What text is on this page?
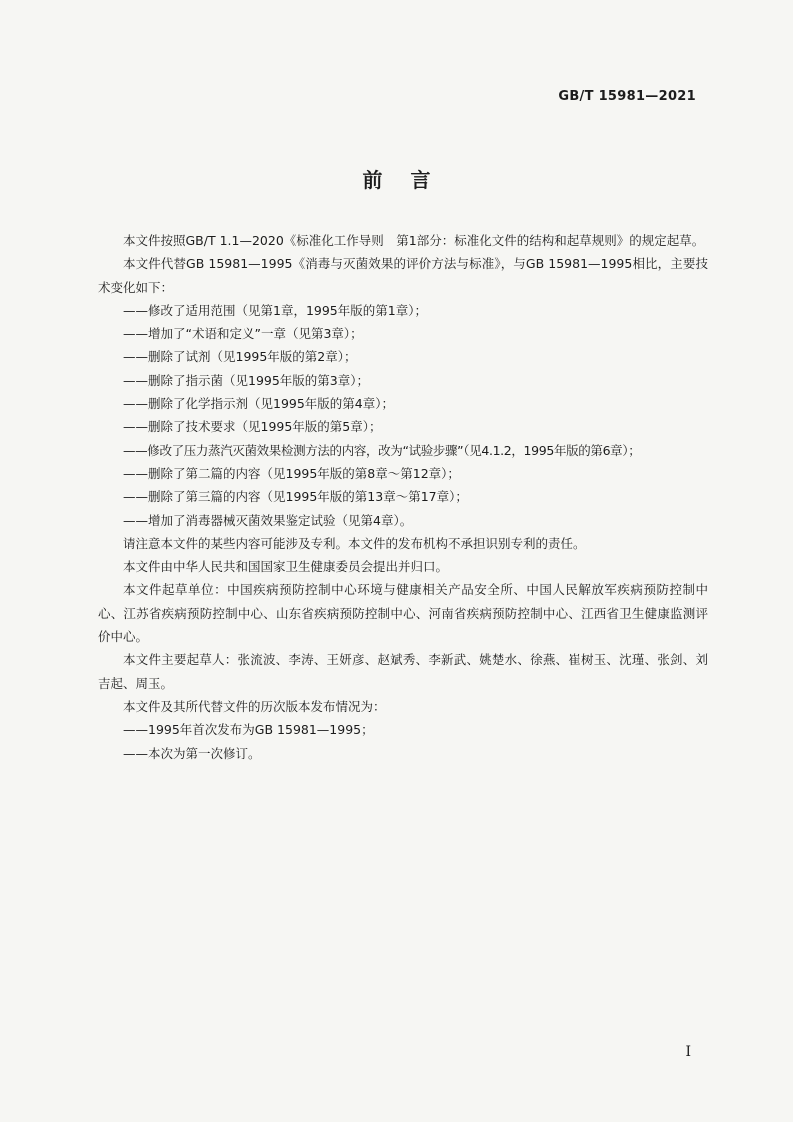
GB/T 15981—2021
前言

本文件按照GB/T 1.1—2020《标准化工作导则　第1部分：标准化文件的结构和起草规则》的规定起草。

本文件代替GB 15981—1995《消毒与灭菌效果的评价方法与标准》，与GB 15981—1995相比，主要技术变化如下：

——修改了适用范围（见第1章，1995年版的第1章）；

——增加了“术语和定义”一章（见第3章）；

——删除了试剂（见1995年版的第2章）；

——删除了指示菌（见1995年版的第3章）；

——删除了化学指示剂（见1995年版的第4章）；

——删除了技术要求（见1995年版的第5章）；

——修改了压力蒸汽灭菌效果检测方法的内容，改为“试验步骤”（见4.1.2，1995年版的第6章）；

——删除了第二篇的内容（见1995年版的第8章～第12章）；

——删除了第三篇的内容（见1995年版的第13章～第17章）；

——增加了消毒器械灭菌效果鉴定试验（见第4章）。

请注意本文件的某些内容可能涉及专利。本文件的发布机构不承担识别专利的责任。

本文件由中华人民共和国国家卫生健康委员会提出并归口。

本文件起草单位：中国疾病预防控制中心环境与健康相关产品安全所、中国人民解放军疾病预防控制中心、江苏省疾病预防控制中心、山东省疾病预防控制中心、河南省疾病预防控制中心、江西省卫生健康监测评价中心。

本文件主要起草人：张流波、李涛、王妍彦、赵斌秀、李新武、姚楚水、徐燕、崔树玉、沈瑾、张剑、刘吉起、周玉。

本文件及其所代替文件的历次版本发布情况为：

——1995年首次发布为GB 15981—1995；

——本次为第一次修订。

I
